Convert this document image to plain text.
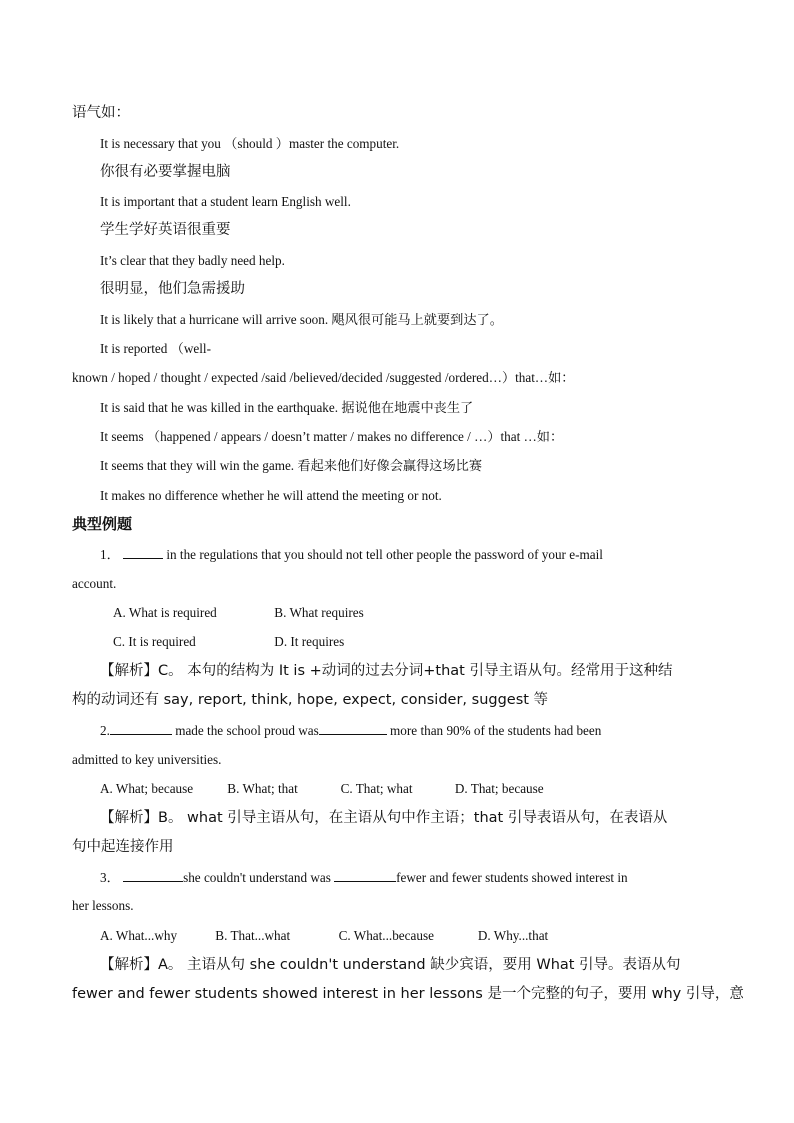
语气如：
It is necessary that you （should ）master the computer.
你很有必要掌握电脑
It is important that a student learn English well.
学生学好英语很重要
It’s clear that they badly need help.
很明显，他们急需援助
It is likely that a hurricane will arrive soon. 飓风很可能马上就要到达了。
It is reported （well-
known / hoped / thought / expected /said /believed/decided /suggested /ordered…）that…如：
It is said that he was killed in the earthquake. 据说他在地震中丧生了
It seems （happened / appears / doesn’t matter / makes no difference / …）that …如：
It seems that they will win the game. 看起来他们好像会赢得这场比赛
It makes no difference whether he will attend the meeting or not.
典型例题
1．	in the regulations that you should not tell other people the password of your e-mail
account.
A. What is required	B. What requires
C. It is required	D. It requires
【解析】C。 本句的结构为 It is +动词的过去分词+that 引导主语从句。经常用于这种结
构的动词还有 say, report, think, hope, expect, consider, suggest 等
2.	made the school proud was	more than 90% of the students had been
admitted to key universities.
A. What; because	B. What; that	C. That; what	D. That; because
【解析】B。 what 引导主语从句，在主语从句中作主语；that 引导表语从句，在表语从
句中起连接作用
3．	she couldn't understand was	fewer and fewer students showed interest in
her lessons.
A. What...why	B. That...what	C. What...because	D. Why...that
【解析】A。 主语从句 she couldn't understand 缺少宾语，要用 What 引导。表语从句
fewer and fewer students showed interest in her lessons 是一个完整的句子，要用 why 引导，意
